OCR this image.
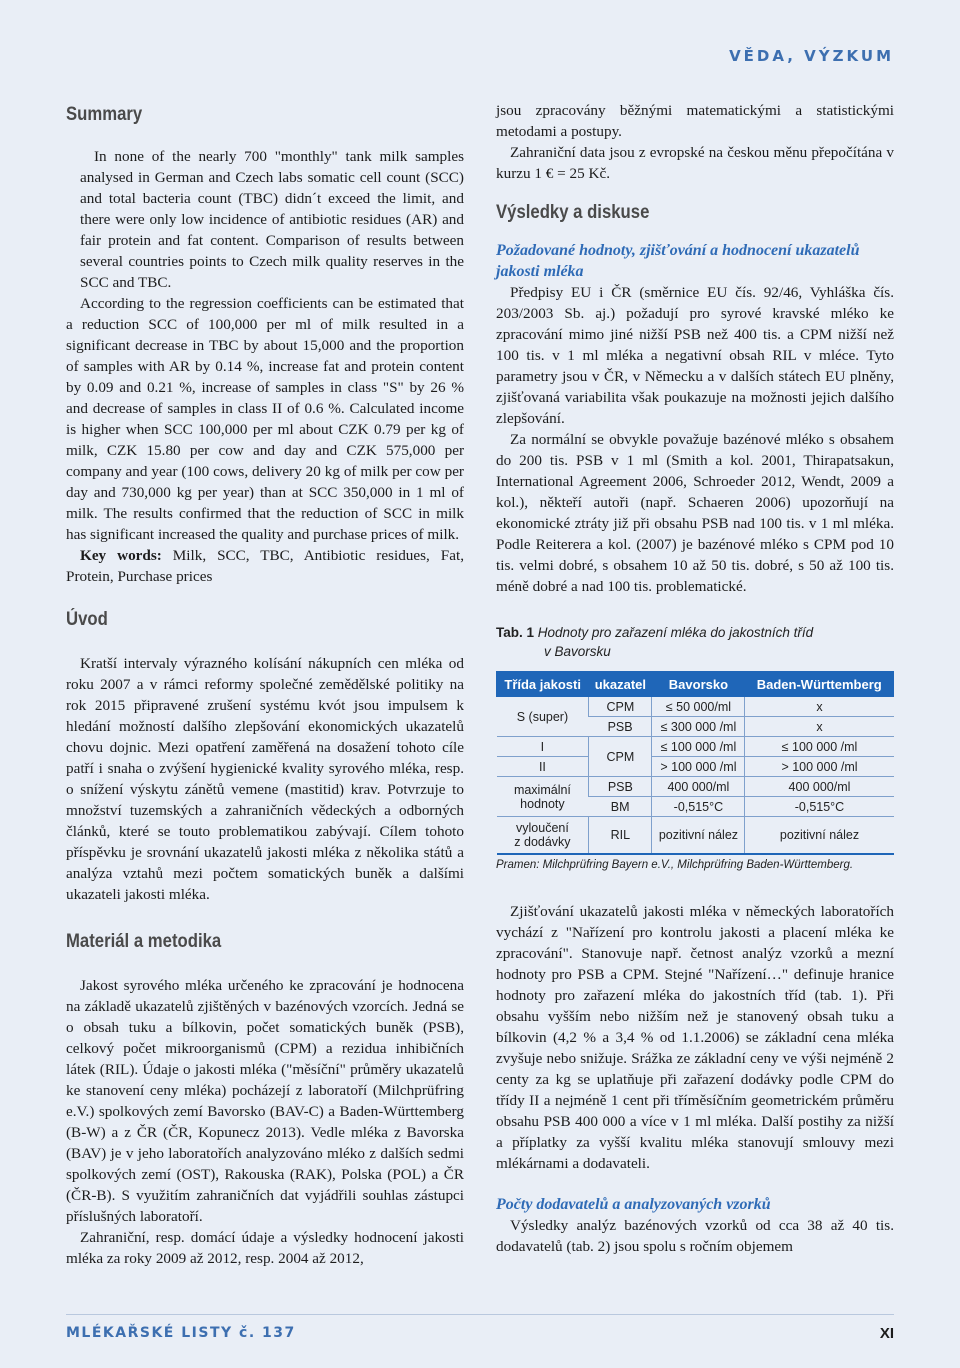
VĚDA, VÝZKUM
Summary

In none of the nearly 700 "monthly" tank milk samples analysed in German and Czech labs somatic cell count (SCC) and total bacteria count (TBC) didn´t exceed the limit, and there were only low incidence of antibiotic residues (AR) and fair protein and fat content. Comparison of results between several countries points to Czech milk quality reserves in the SCC and TBC.

According to the regression coefficients can be estimated that a reduction SCC of 100,000 per ml of milk resulted in a significant decrease in TBC by about 15,000 and the proportion of samples with AR by 0.14 %, increase fat and protein content by 0.09 and 0.21 %, increase of samples in class "S" by 26 % and decrease of samples in class II of 0.6 %. Calculated income is higher when SCC 100,000 per ml about CZK 0.79 per kg of milk, CZK 15.80 per cow and day and CZK 575,000 per company and year (100 cows, delivery 20 kg of milk per cow per day and 730,000 kg per year) than at SCC 350,000 in 1 ml of milk. The results confirmed that the reduction of SCC in milk has significant increased the quality and purchase prices of milk.

Key words: Milk, SCC, TBC, Antibiotic residues, Fat, Protein, Purchase prices

Úvod

Kratší intervaly výrazného kolísání nákupních cen mléka od roku 2007 a v rámci reformy společné zemědělské politiky na rok 2015 připravené zrušení systému kvót jsou impulsem k hledání možností dalšího zlepšování ekonomických ukazatelů chovu dojnic. Mezi opatření zaměřená na dosažení tohoto cíle patří i snaha o zvýšení hygienické kvality syrového mléka, resp. o snížení výskytu zánětů vemene (mastitid) krav. Potvrzuje to množství tuzemských a zahraničních vědeckých a odborných článků, které se touto problematikou zabývají. Cílem tohoto příspěvku je srovnání ukazatelů jakosti mléka z několika států a analýza vztahů mezi počtem somatických buněk a dalšími ukazateli jakosti mléka.

Materiál a metodika

Jakost syrového mléka určeného ke zpracování je hodnocena na základě ukazatelů zjištěných v bazénových vzorcích. Jedná se o obsah tuku a bílkovin, počet somatických buněk (PSB), celkový počet mikroorganismů (CPM) a rezidua inhibičních látek (RIL). Údaje o jakosti mléka ("měsíční" průměry ukazatelů ke stanovení ceny mléka) pocházejí z laboratoří (Milchprüfring e.V.) spolkových zemí Bavorsko (BAV-C) a Baden-Württemberg (B-W) a z ČR (ČR, Kopunecz 2013). Vedle mléka z Bavorska (BAV) je v jeho laboratořích analyzováno mléko z dalších sedmi spolkových zemí (OST), Rakouska (RAK), Polska (POL) a ČR (ČR-B). S využitím zahraničních dat vyjádřili souhlas zástupci příslušných laboratoří.

Zahraniční, resp. domácí údaje a výsledky hodnocení jakosti mléka za roky 2009 až 2012, resp. 2004 až 2012,

jsou zpracovány běžnými matematickými a statistickými metodami a postupy.

Zahraniční data jsou z evropské na českou měnu přepočítána v kurzu 1 € = 25 Kč.

Výsledky a diskuse
Požadované hodnoty, zjišťování a hodnocení ukazatelů jakosti mléka

Předpisy EU i ČR (směrnice EU čís. 92/46, Vyhláška čís. 203/2003 Sb. aj.) požadují pro syrové kravské mléko ke zpracování mimo jiné nižší PSB než 400 tis. a CPM nižší než 100 tis. v 1 ml mléka a negativní obsah RIL v mléce. Tyto parametry jsou v ČR, v Německu a v dalších státech EU plněny, zjišťovaná variabilita však poukazuje na možnosti jejich dalšího zlepšování.

Za normální se obvykle považuje bazénové mléko s obsahem do 200 tis. PSB v 1 ml (Smith a kol. 2001, Thirapatsakun, International Agreement 2006, Schroeder 2012, Wendt, 2009 a kol.), někteří autoři (např. Schaeren 2006) upozorňují na ekonomické ztráty již při obsahu PSB nad 100 tis. v 1 ml mléka. Podle Reiterera a kol. (2007) je bazénové mléko s CPM pod 10 tis. velmi dobré, s obsahem 10 až 50 tis. dobré, s 50 až 100 tis. méně dobré a nad 100 tis. problematické.

Tab. 1 Hodnoty pro zařazení mléka do jakostních tříd
v Bavorsku
Třída jakosti	ukazatel	Bavorsko	Baden-Württemberg
S (super)	CPM	≤ 50 000/ml	x
	PSB	≤ 300 000 /ml	x
I	CPM	≤ 100 000 /ml	≤ 100 000 /ml
II		> 100 000 /ml	> 100 000 /ml
maximální
hodnoty	PSB	400 000/ml	400 000/ml
	BM	-0,515°C	-0,515°C
vyloučení
z dodávky	RIL	pozitivní nález	pozitivní nález
Pramen: Milchprüfring Bayern e.V., Milchprüfring Baden-Württemberg.

Zjišťování ukazatelů jakosti mléka v německých laboratořích vychází z "Nařízení pro kontrolu jakosti a placení mléka ke zpracování". Stanovuje např. četnost analýz vzorků a mezní hodnoty pro PSB a CPM. Stejné "Nařízení…" definuje hranice hodnoty pro zařazení mléka do jakostních tříd (tab. 1). Při obsahu vyšším nebo nižším než je stanovený obsah tuku a bílkovin (4,2 % a 3,4 % od 1.1.2006) se základní cena mléka zvyšuje nebo snižuje. Srážka ze základní ceny ve výši nejméně 2 centy za kg se uplatňuje při zařazení dodávky podle CPM do třídy II a nejméně 1 cent při tříměsíčním geometrickém průměru obsahu PSB 400 000 a více v 1 ml mléka. Další postihy za nižší a příplatky za vyšší kvalitu mléka stanovují smlouvy mezi mlékárnami a dodavateli.

Počty dodavatelů a analyzovaných vzorků

Výsledky analýz bazénových vzorků od cca 38 až 40 tis. dodavatelů (tab. 2) jsou spolu s ročním objemem

MLÉKAŘSKÉ LISTY č. 137	XI
